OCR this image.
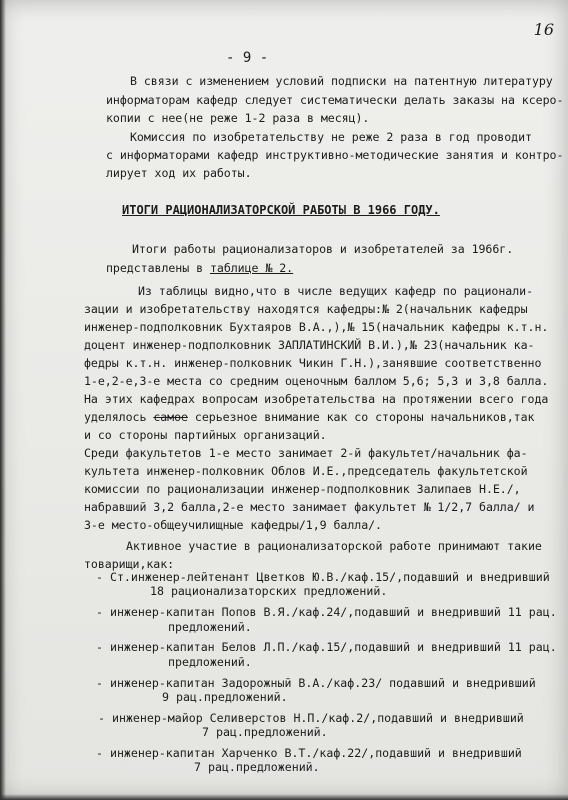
16
- 9 -
В связи с изменением условий подписки на патентную литературу
информаторам кафедр следует систематически делать заказы на ксеро-
копии с нее(не реже 1-2 раза в месяц).
Комиссия по изобретательству не реже 2 раза в год проводит
с информаторами кафедр инструктивно-методические занятия и контро-
лирует ход их работы.
ИТОГИ РАЦИОНАЛИЗАТОРСКОЙ РАБОТЫ В 1966 ГОДУ.
Итоги работы рационализаторов и изобретателей за 1966г.
представлены в таблице № 2.
Из таблицы видно,что в числе ведущих кафедр по рационали-
зации и изобретательству находятся кафедры:№ 2(начальник кафедры
инженер-подполковник Бухтаяров В.А.,),№ 15(начальник кафедры к.т.н.
доцент инженер-подполковник ЗАПЛАТИНСКИЙ В.И.),№ 23(начальник ка-
федры к.т.н. инженер-полковник Чикин Г.Н.),занявшие соответственно
1-е,2-е,3-е места со средним оценочным баллом 5,6; 5,3 и 3,8 балла.
На этих кафедрах вопросам изобретательства на протяжении всего года
уделялось самое серьезное внимание как со стороны начальников,так
и со стороны партийных организаций.
Среди факультетов 1-е место занимает 2-й факультет/начальник фа-
культета инженер-полковник Облов И.Е.,председатель факультетской
комиссии по рационализации инженер-подполковник Залипаев Н.Е./,
набравший 3,2 балла,2-е место занимает факультет № 1/2,7 балла/ и
3-е место-общеучилищные кафедры/1,9 балла/.
Активное участие в рационализаторской работе принимают такие
товарищи,как:
- Ст.инженер-лейтенант Цветков Ю.В./каф.15/,подавший и внедривший
18 рационализаторских предложений.
- инженер-капитан Попов В.Я./каф.24/,подавший и внедривший 11 рац.
предложений.
- инженер-капитан Белов Л.П./каф.15/,подавший и внедривший 11 рац.
предложений.
- инженер-капитан Задорожный В.А./каф.23/ подавший и внедривший
9 рац.предложений.
- инженер-майор Селиверстов Н.П./каф.2/,подавший и внедривший
7 рац.предложений.
- инженер-капитан Харченко В.Т./каф.22/,подавший и внедривший
7 рац.предложений.
